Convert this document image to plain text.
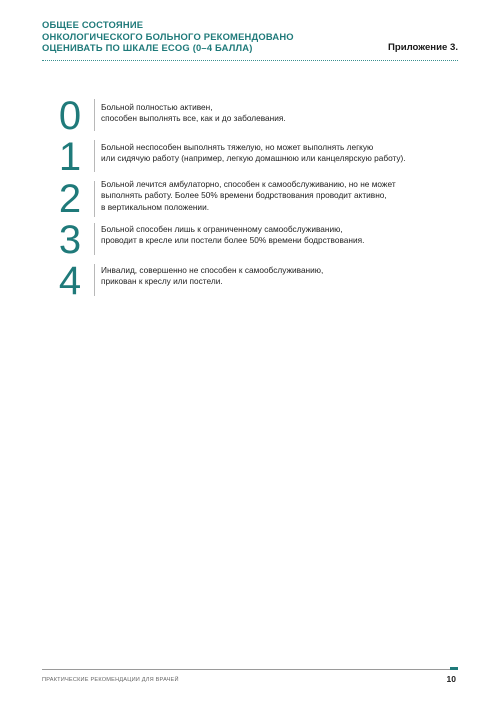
ОБЩЕЕ СОСТОЯНИЕ
ОНКОЛОГИЧЕСКОГО БОЛЬНОГО РЕКОМЕНДОВАНО
ОЦЕНИВАТЬ ПО ШКАЛЕ ECOG (0–4 БАЛЛА)	Приложение 3.
0	Больной полностью активен,
способен выполнять все, как и до заболевания.
1	Больной неспособен выполнять тяжелую, но может выполнять легкую
или сидячую работу (например, легкую домашнюю или канцелярскую работу).
2	Больной лечится амбулаторно, способен к самообслуживанию, но не может
выполнять работу. Более 50% времени бодрствования проводит активно,
в вертикальном положении.
3	Больной способен лишь к ограниченному самообслуживанию,
проводит в кресле или постели более 50% времени бодрствования.
4	Инвалид, совершенно не способен к самообслуживанию,
прикован к креслу или постели.
ПРАКТИЧЕСКИЕ РЕКОМЕНДАЦИИ ДЛЯ ВРАЧЕЙ	10
